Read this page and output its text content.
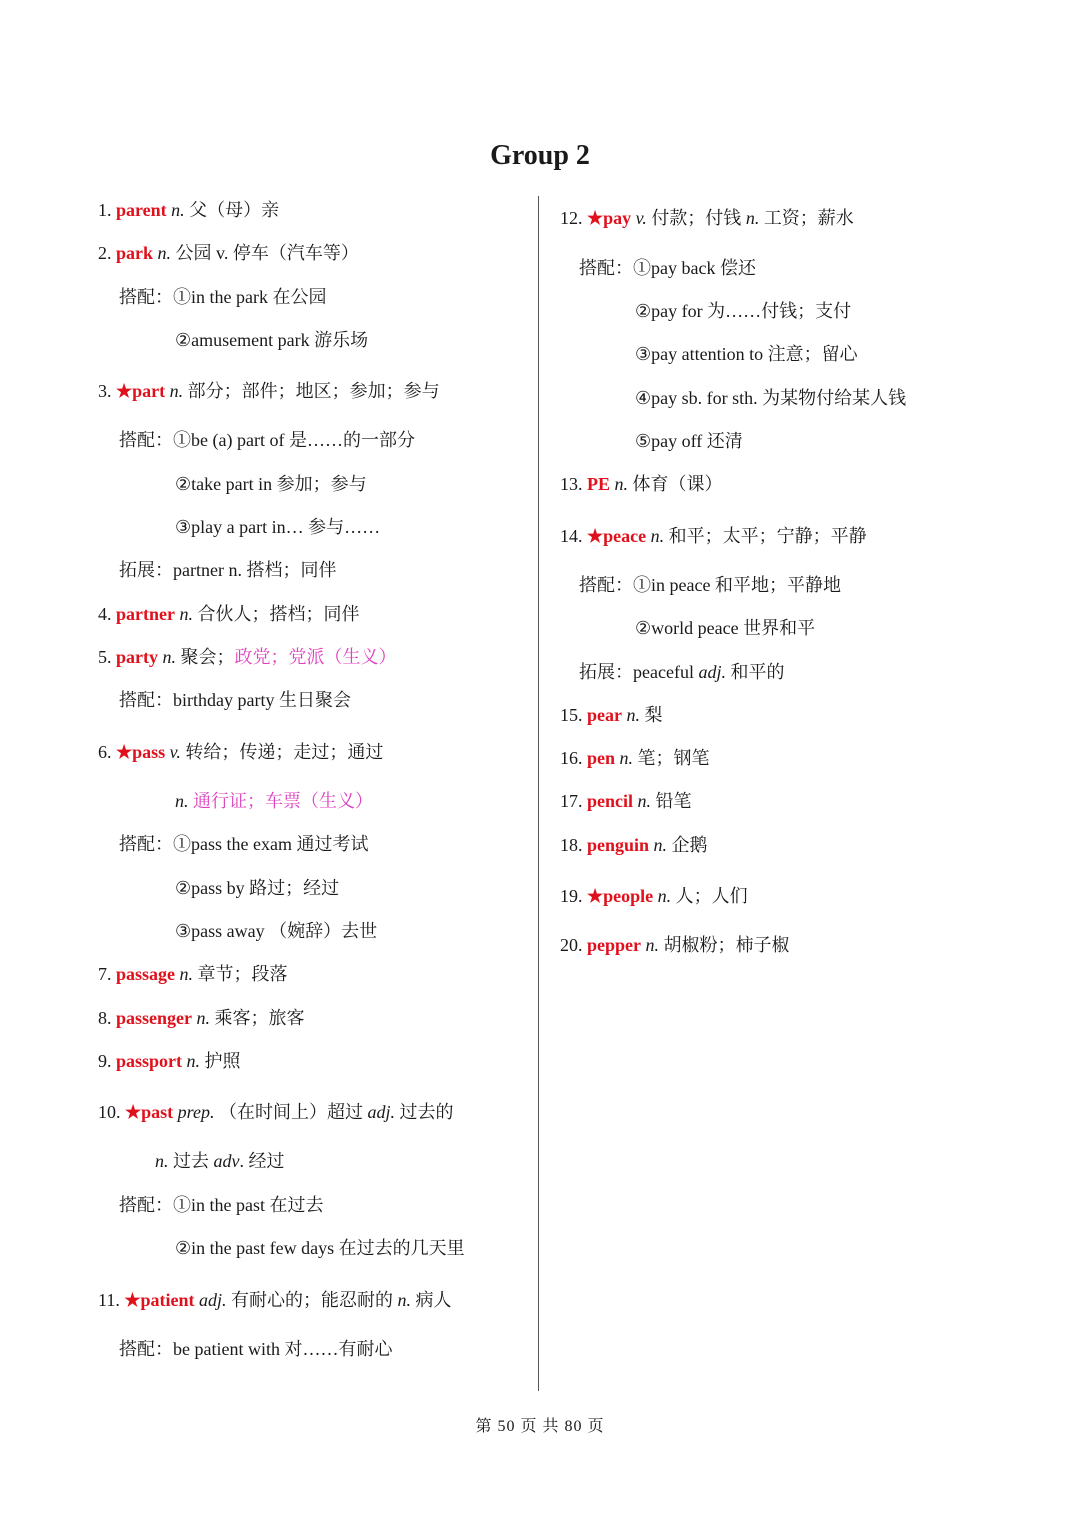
Group 2
1. parent n. 父（母）亲
2. park n. 公园 v. 停车（汽车等）
搭配：①in the park 在公园
②amusement park 游乐场
3. ★part n. 部分；部件；地区；参加；参与
搭配：①be (a) part of 是……的一部分
②take part in 参加；参与
③play a part in… 参与……
拓展：partner n. 搭档；同伴
4. partner n. 合伙人；搭档；同伴
5. party n. 聚会；政党；党派（生义）
搭配：birthday party 生日聚会
6. ★pass v. 转给；传递；走过；通过
n. 通行证；车票（生义）
搭配：①pass the exam 通过考试
②pass by 路过；经过
③pass away （婉辞）去世
7. passage n. 章节；段落
8. passenger n. 乘客；旅客
9. passport n. 护照
10. ★past prep. （在时间上）超过 adj. 过去的
n. 过去 adv. 经过
搭配：①in the past 在过去
②in the past few days 在过去的几天里
11. ★patient adj. 有耐心的；能忍耐的 n. 病人
搭配：be patient with 对……有耐心
12. ★pay v. 付款；付钱 n. 工资；薪水
搭配：①pay back 偿还
②pay for 为……付钱；支付
③pay attention to 注意；留心
④pay sb. for sth. 为某物付给某人钱
⑤pay off 还清
13. PE n. 体育（课）
14. ★peace n. 和平；太平；宁静；平静
搭配：①in peace 和平地；平静地
②world peace 世界和平
拓展：peaceful adj. 和平的
15. pear n. 梨
16. pen n. 笔；钢笔
17. pencil n. 铅笔
18. penguin n. 企鹅
19. ★people n. 人；人们
20. pepper n. 胡椒粉；柿子椒
第 50 页 共 80 页
